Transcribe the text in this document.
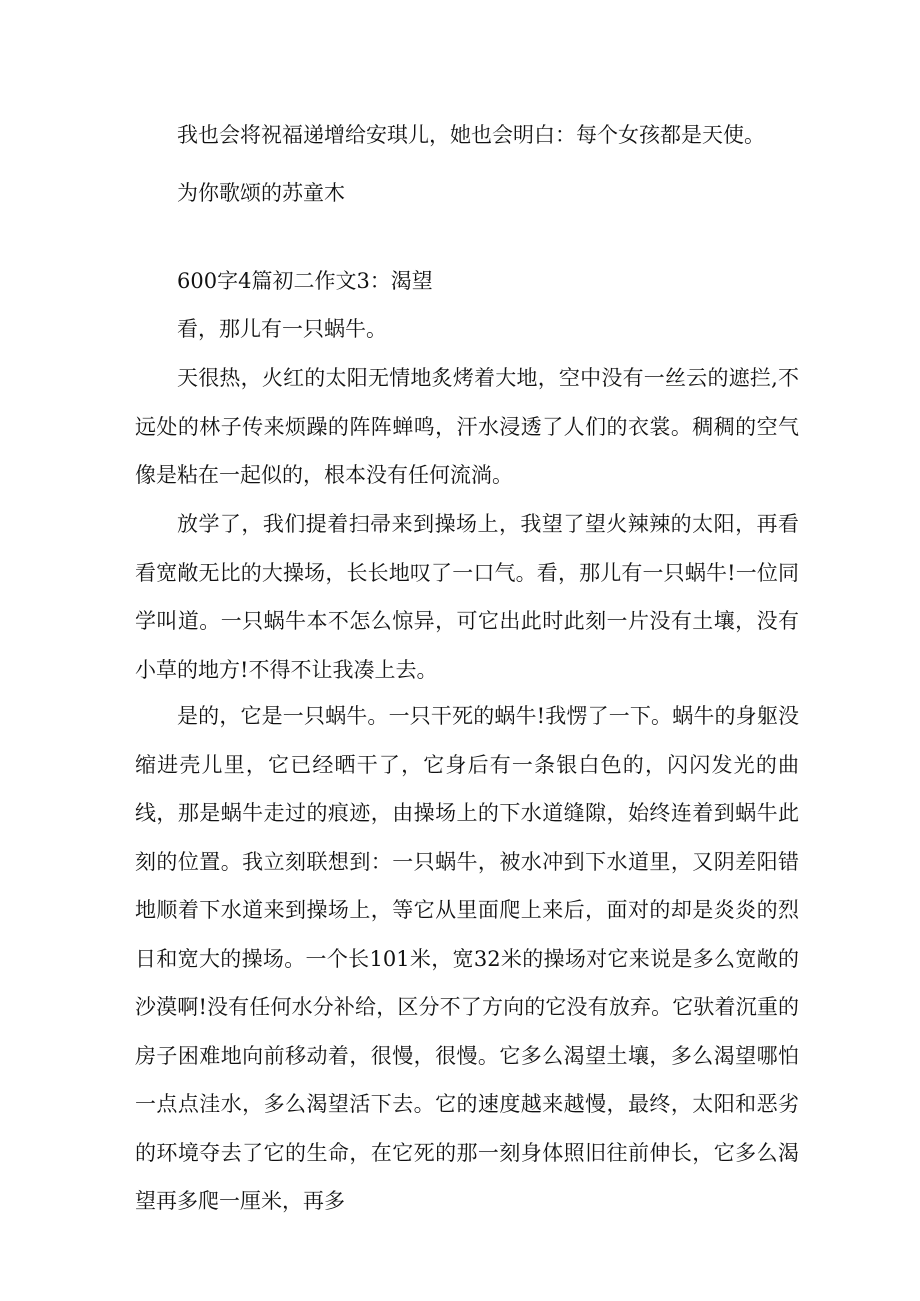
我也会将祝福递增给安琪儿，她也会明白：每个女孩都是天使。
为你歌颂的苏童木
600字4篇初二作文3：渴望
看，那儿有一只蜗牛。

天很热，火红的太阳无情地炙烤着大地，空中没有一丝云的遮拦,不远处的林子传来烦躁的阵阵蝉鸣，汗水浸透了人们的衣裳。稠稠的空气像是粘在一起似的，根本没有任何流淌。

放学了，我们提着扫帚来到操场上，我望了望火辣辣的太阳，再看看宽敞无比的大操场，长长地叹了一口气。看，那儿有一只蜗牛!一位同学叫道。一只蜗牛本不怎么惊异，可它出此时此刻一片没有土壤，没有小草的地方!不得不让我凑上去。

是的，它是一只蜗牛。一只干死的蜗牛!我愣了一下。蜗牛的身躯没缩进壳儿里，它已经晒干了，它身后有一条银白色的，闪闪发光的曲线，那是蜗牛走过的痕迹，由操场上的下水道缝隙，始终连着到蜗牛此刻的位置。我立刻联想到：一只蜗牛，被水冲到下水道里，又阴差阳错地顺着下水道来到操场上，等它从里面爬上来后，面对的却是炎炎的烈日和宽大的操场。一个长101米，宽32米的操场对它来说是多么宽敞的沙漠啊!没有任何水分补给，区分不了方向的它没有放弃。它驮着沉重的房子困难地向前移动着，很慢，很慢。它多么渴望土壤，多么渴望哪怕一点点洼水，多么渴望活下去。它的速度越来越慢，最终，太阳和恶劣的环境夺去了它的生命，在它死的那一刻身体照旧往前伸长，它多么渴望再多爬一厘米，再多
